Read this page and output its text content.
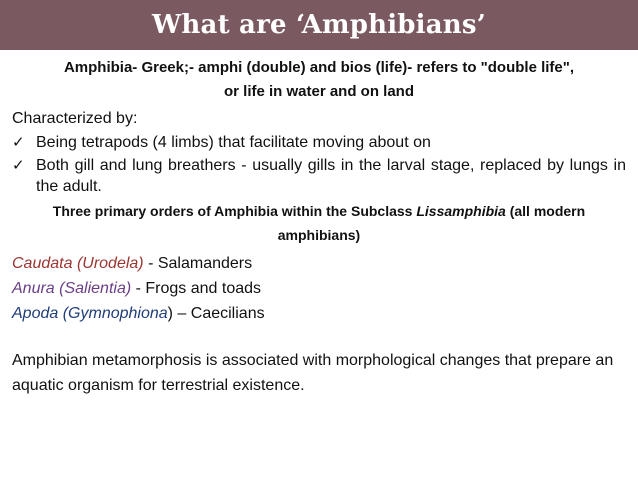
What are ‘Amphibians’
Amphibia- Greek;- amphi (double) and bios (life)- refers to "double life",
or life in water and on land
Characterized by:
✓ Being tetrapods (4 limbs) that facilitate moving about on
✓ Both gill and lung breathers - usually gills in the larval stage, replaced by lungs in the adult.
Three primary orders of Amphibia within the Subclass Lissamphibia (all modern amphibians)
Caudata (Urodela) - Salamanders
Anura (Salientia) - Frogs and toads
Apoda (Gymnophiona) – Caecilians
Amphibian metamorphosis is associated with morphological changes that prepare an aquatic organism for terrestrial existence.
